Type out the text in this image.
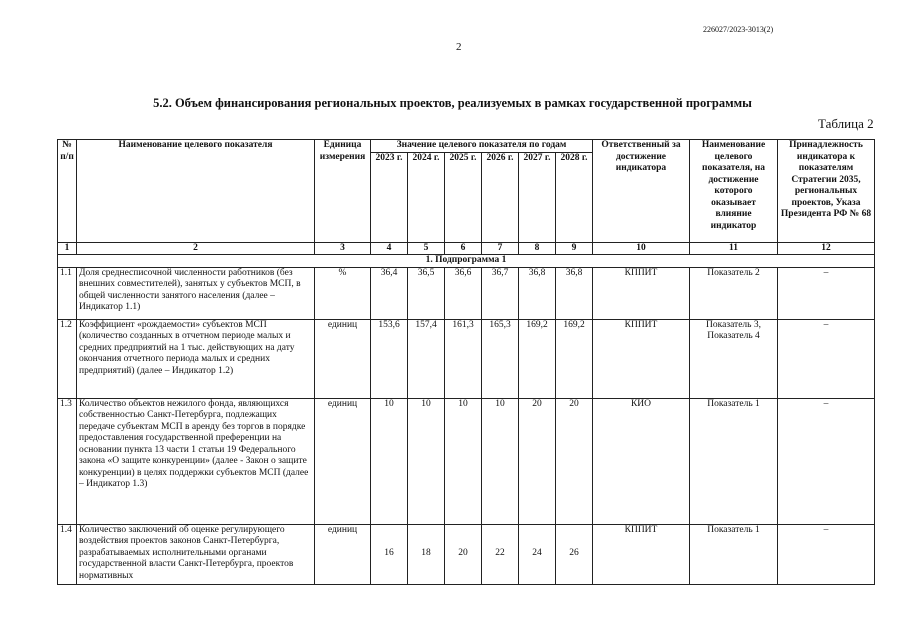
226027/2023-3013(2)
2
5.2. Объем финансирования региональных проектов, реализуемых в рамках государственной программы
Таблица 2
№ п/п	Наименование целевого показателя	Единица измерения	Значение целевого показателя по годам						Ответственный за достижение индикатора	Наименование целевого показателя, на достижение которого оказывает влияние индикатор	Принадлежность индикатора к показателям Стратегии 2035, региональных проектов, Указа Президента РФ № 68
			2023 г.	2024 г.	2025 г.	2026 г.	2027 г.	2028 г.			
1	2	3	4	5	6	7	8	9	10	11	12
1. Подпрограмма 1											
1.1	Доля среднесписочной численности работников (без внешних совместителей), занятых у субъектов МСП, в общей численности занятого населения (далее – Индикатор 1.1)	%	36,4	36,5	36,6	36,7	36,8	36,8	КППИТ	Показатель 2	–
1.2	Коэффициент «рождаемости» субъектов МСП (количество созданных в отчетном периоде малых и средних предприятий на 1 тыс. действующих на дату окончания отчетного периода малых и средних предприятий) (далее – Индикатор 1.2)	единиц	153,6	157,4	161,3	165,3	169,2	169,2	КППИТ	Показатель 3, Показатель 4	–
1.3	Количество объектов нежилого фонда, являющихся собственностью Санкт-Петербурга, подлежащих передаче субъектам МСП в аренду без торгов в порядке предоставления государственной преференции на основании пункта 13 части 1 статьи 19 Федерального закона «О защите конкуренции» (далее - Закон о защите конкуренции) в целях поддержки субъектов МСП (далее – Индикатор 1.3)	единиц	10	10	10	10	20	20	КИО	Показатель 1	–
1.4	Количество заключений об оценке регулирующего воздействия проектов законов Санкт-Петербурга, разрабатываемых исполнительными органами государственной власти Санкт-Петербурга, проектов нормативных	единиц	16	18	20	22	24	26	КППИТ	Показатель 1	–
